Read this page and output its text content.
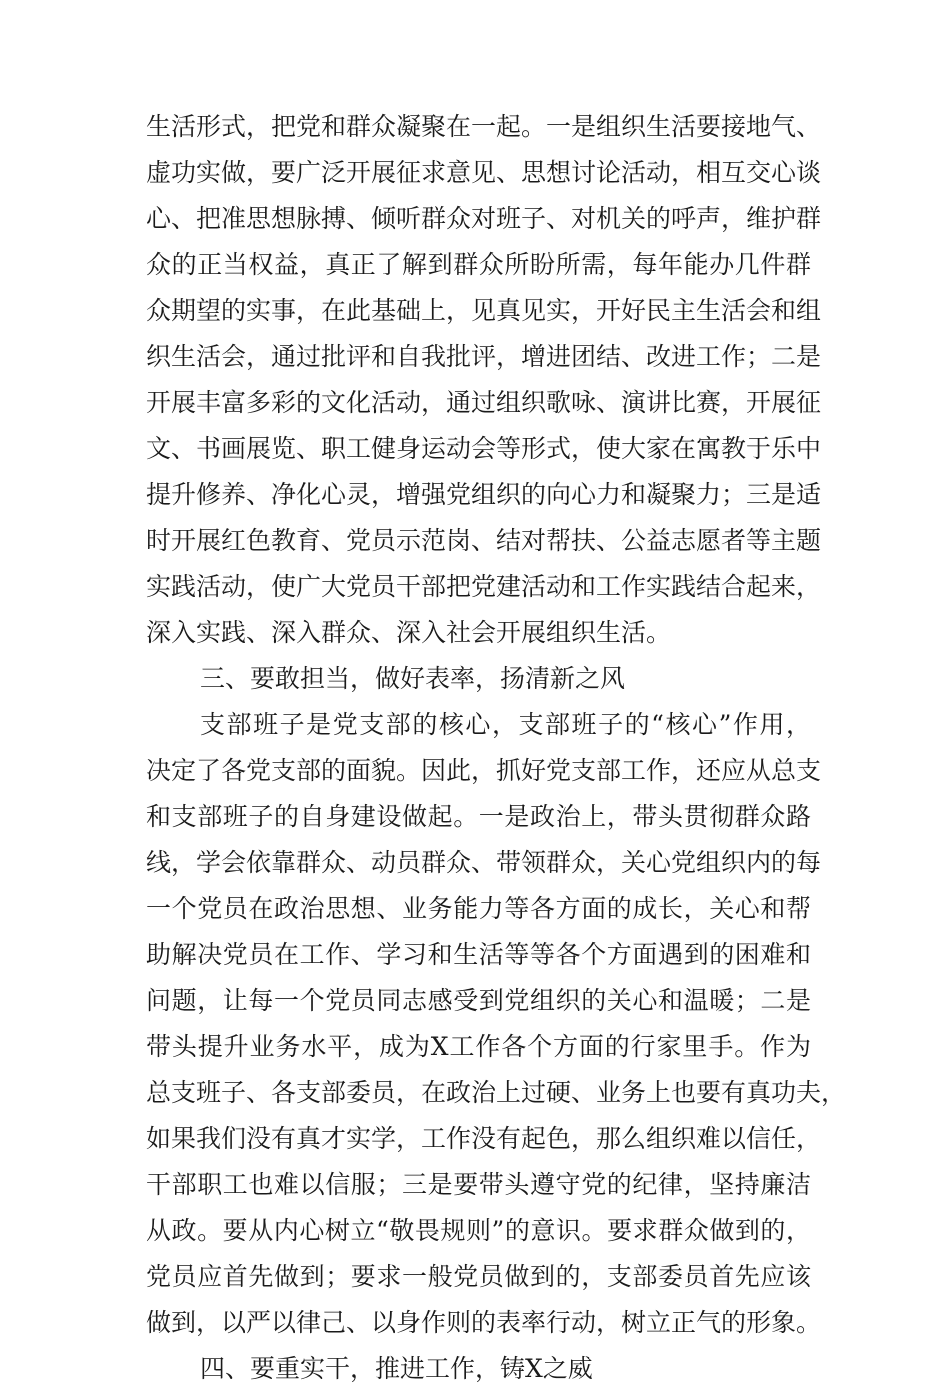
生活形式，把党和群众凝聚在一起。一是组织生活要接地气、
虚功实做，要广泛开展征求意见、思想讨论活动，相互交心谈
心、把准思想脉搏、倾听群众对班子、对机关的呼声，维护群
众的正当权益，真正了解到群众所盼所需，每年能办几件群
众期望的实事，在此基础上，见真见实，开好民主生活会和组
织生活会，通过批评和自我批评，增进团结、改进工作；二是
开展丰富多彩的文化活动，通过组织歌咏、演讲比赛，开展征
文、书画展览、职工健身运动会等形式，使大家在寓教于乐中
提升修养、净化心灵，增强党组织的向心力和凝聚力；三是适
时开展红色教育、党员示范岗、结对帮扶、公益志愿者等主题
实践活动，使广大党员干部把党建活动和工作实践结合起来，
深入实践、深入群众、深入社会开展组织生活。
三、要敢担当，做好表率，扬清新之风
支部班子是党支部的核心，支部班子的“核心”作用，
决定了各党支部的面貌。因此，抓好党支部工作，还应从总支
和支部班子的自身建设做起。一是政治上，带头贯彻群众路
线，学会依靠群众、动员群众、带领群众，关心党组织内的每
一个党员在政治思想、业务能力等各方面的成长，关心和帮
助解决党员在工作、学习和生活等等各个方面遇到的困难和
问题，让每一个党员同志感受到党组织的关心和温暖；二是
带头提升业务水平，成为X工作各个方面的行家里手。作为
总支班子、各支部委员，在政治上过硬、业务上也要有真功夫，
如果我们没有真才实学，工作没有起色，那么组织难以信任，
干部职工也难以信服；三是要带头遵守党的纪律，坚持廉洁
从政。要从内心树立“敬畏规则”的意识。要求群众做到的，
党员应首先做到；要求一般党员做到的，支部委员首先应该
做到，以严以律己、以身作则的表率行动，树立正气的形象。
四、要重实干，推进工作，铸X之威
